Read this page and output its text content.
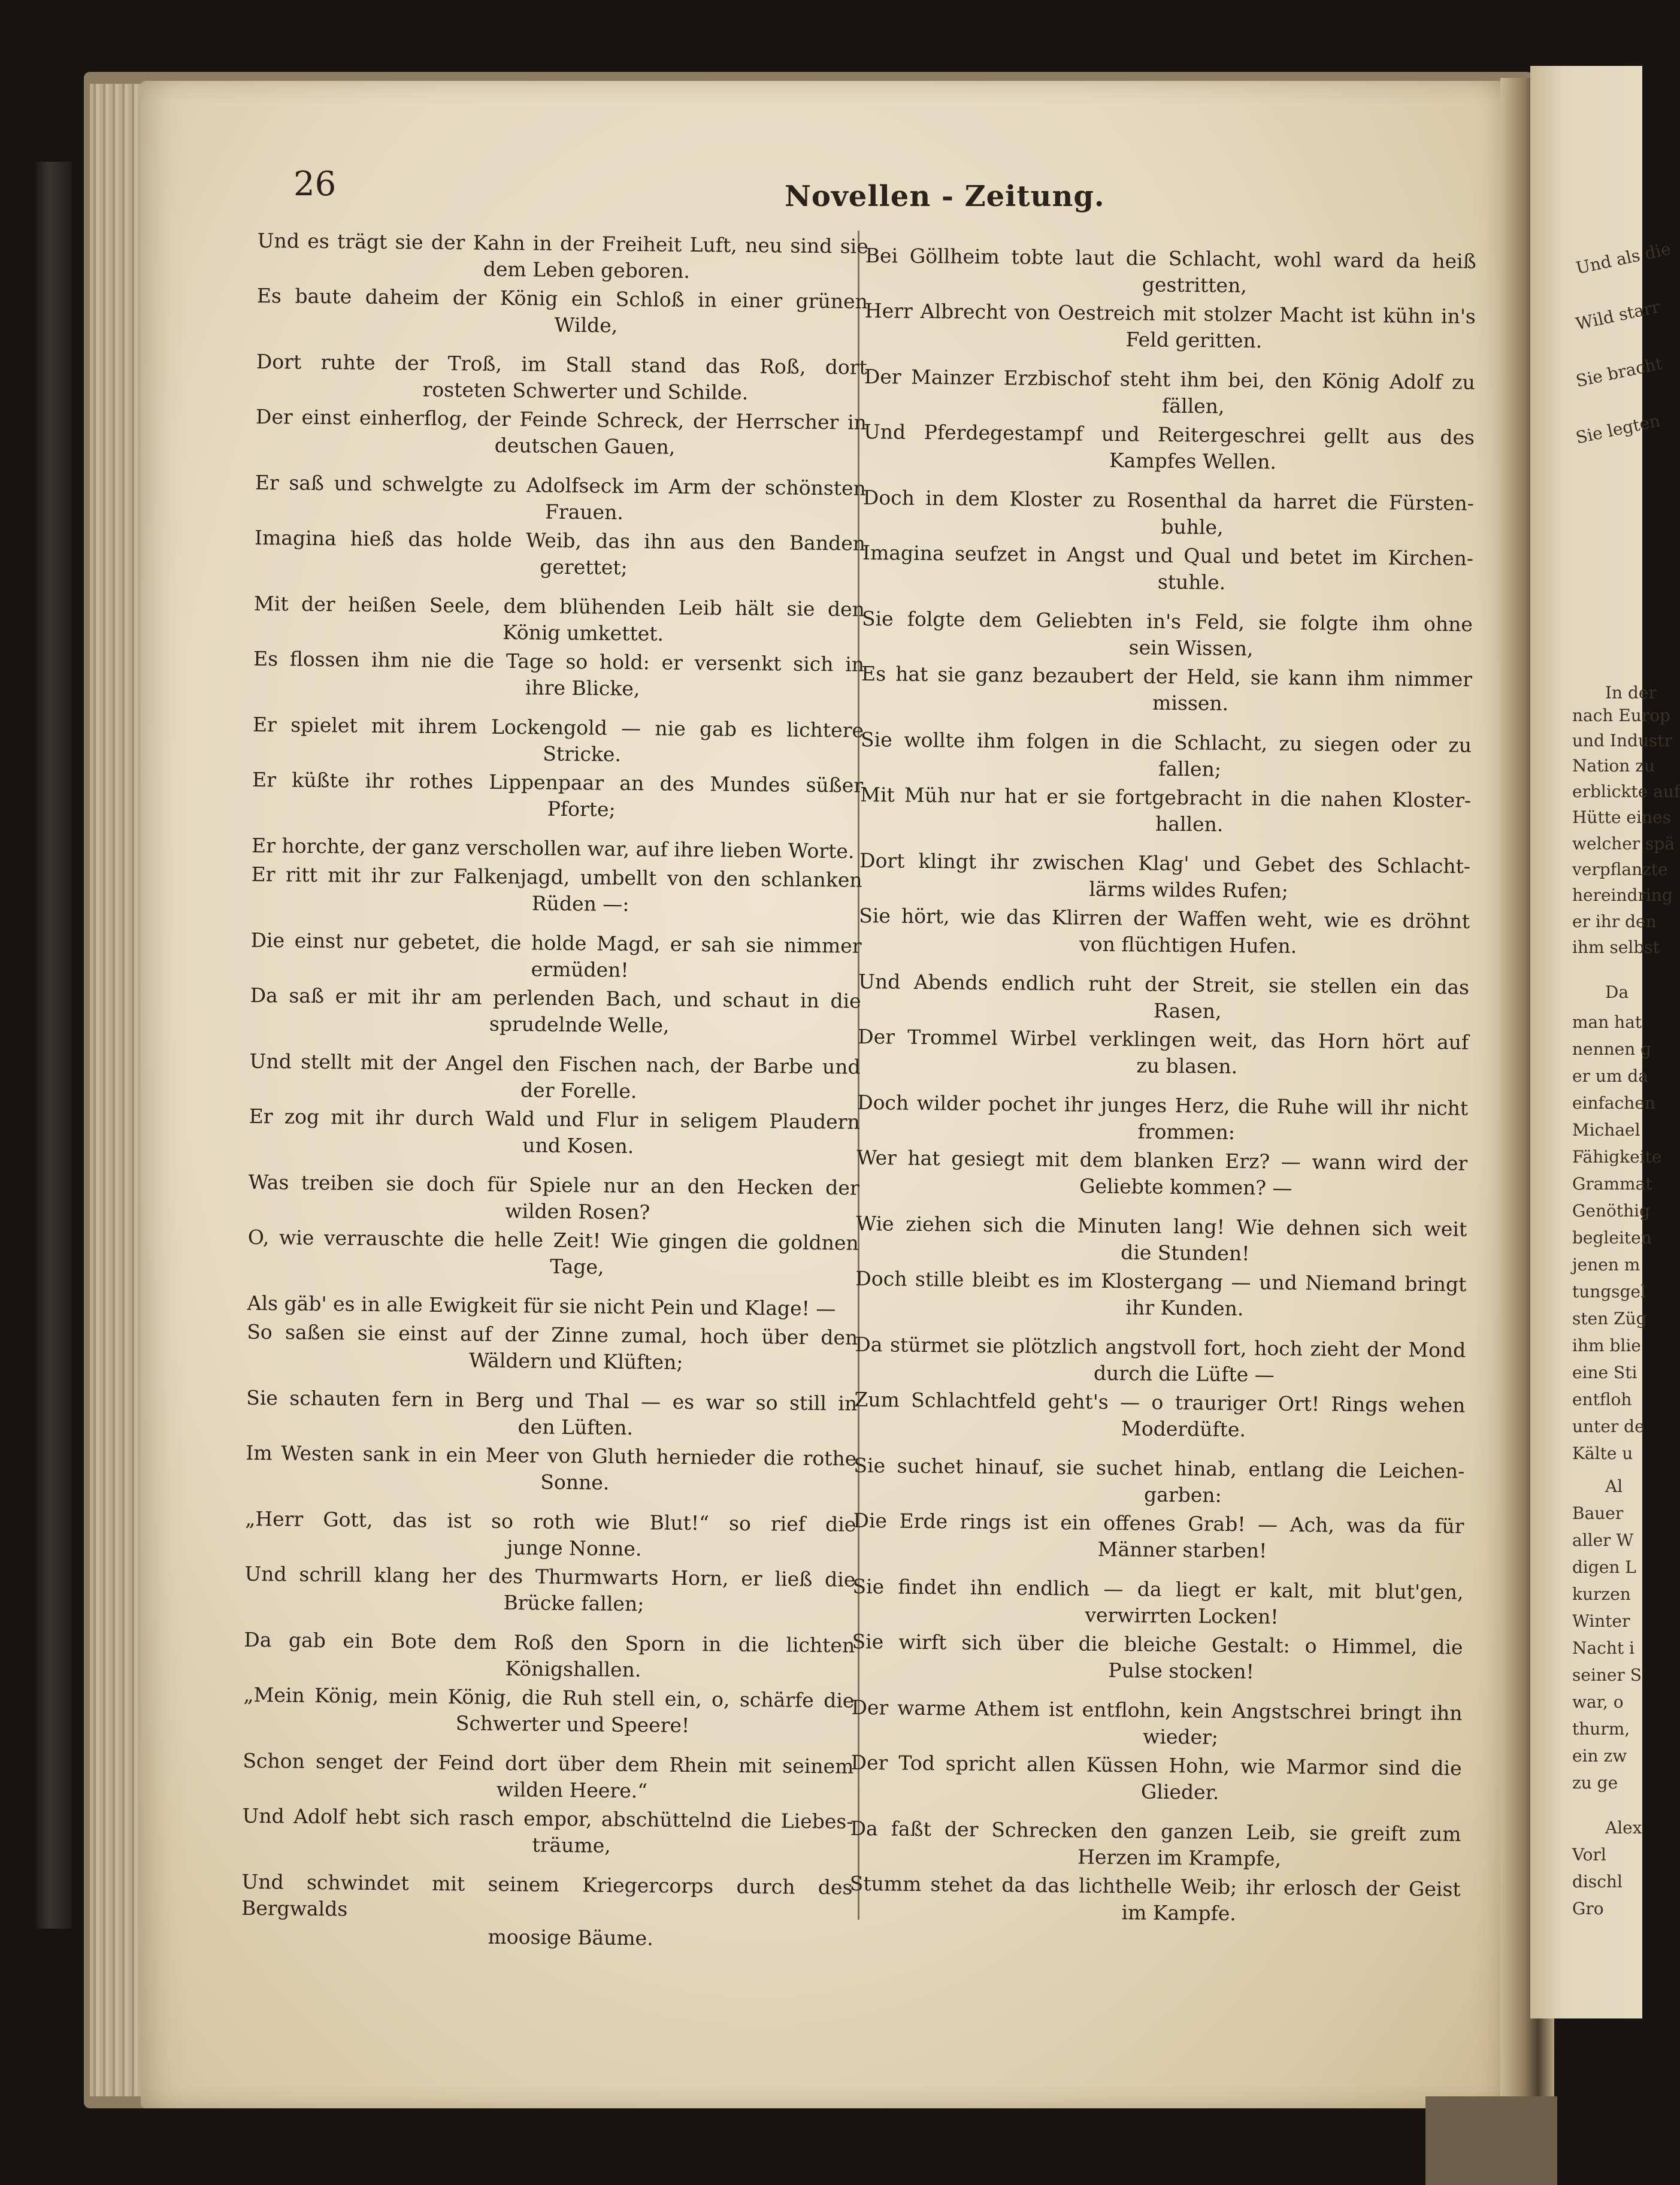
26	Novellen - Zeitung.
Und es trägt sie der Kahn in der Freiheit Luft, neu sind sie
dem Leben geboren.
Es baute daheim der König ein Schloß in einer grünen
Wilde,
Dort ruhte der Troß, im Stall stand das Roß, dort
rosteten Schwerter und Schilde.
Der einst einherflog, der Feinde Schreck, der Herrscher in
deutschen Gauen,
Er saß und schwelgte zu Adolfseck im Arm der schönsten
Frauen.
Imagina hieß das holde Weib, das ihn aus den Banden
gerettet;
Mit der heißen Seele, dem blühenden Leib hält sie den
König umkettet.
Es flossen ihm nie die Tage so hold: er versenkt sich in
ihre Blicke,
Er spielet mit ihrem Lockengold — nie gab es lichtere
Stricke.
Er küßte ihr rothes Lippenpaar an des Mundes süßer
Pforte;
Er horchte, der ganz verschollen war, auf ihre lieben Worte.
Er ritt mit ihr zur Falkenjagd, umbellt von den schlanken
Rüden —:
Die einst nur gebetet, die holde Magd, er sah sie nimmer
ermüden!
Da saß er mit ihr am perlenden Bach, und schaut in die
sprudelnde Welle,
Und stellt mit der Angel den Fischen nach, der Barbe und
der Forelle.
Er zog mit ihr durch Wald und Flur in seligem Plaudern
und Kosen.
Was treiben sie doch für Spiele nur an den Hecken der
wilden Rosen?
O, wie verrauschte die helle Zeit! Wie gingen die goldnen
Tage,
Als gäb' es in alle Ewigkeit für sie nicht Pein und Klage! —
So saßen sie einst auf der Zinne zumal, hoch über den
Wäldern und Klüften;
Sie schauten fern in Berg und Thal — es war so still in
den Lüften.
Im Westen sank in ein Meer von Gluth hernieder die rothe
Sonne.
„Herr Gott, das ist so roth wie Blut!“ so rief die
junge Nonne.
Und schrill klang her des Thurmwarts Horn, er ließ die
Brücke fallen;
Da gab ein Bote dem Roß den Sporn in die lichten
Königshallen.
„Mein König, mein König, die Ruh stell ein, o, schärfe die
Schwerter und Speere!
Schon senget der Feind dort über dem Rhein mit seinem
wilden Heere.“
Und Adolf hebt sich rasch empor, abschüttelnd die Liebes-
träume,
Und schwindet mit seinem Kriegercorps durch des Bergwalds
moosige Bäume.
Bei Göllheim tobte laut die Schlacht, wohl ward da heiß
gestritten,
Herr Albrecht von Oestreich mit stolzer Macht ist kühn in's
Feld geritten.
Der Mainzer Erzbischof steht ihm bei, den König Adolf zu
fällen,
Und Pferdegestampf und Reitergeschrei gellt aus des
Kampfes Wellen.
Doch in dem Kloster zu Rosenthal da harret die Fürsten-
buhle,
Imagina seufzet in Angst und Qual und betet im Kirchen-
stuhle.
Sie folgte dem Geliebten in's Feld, sie folgte ihm ohne
sein Wissen,
Es hat sie ganz bezaubert der Held, sie kann ihm nimmer
missen.
Sie wollte ihm folgen in die Schlacht, zu siegen oder zu
fallen;
Mit Müh nur hat er sie fortgebracht in die nahen Kloster-
hallen.
Dort klingt ihr zwischen Klag' und Gebet des Schlacht-
lärms wildes Rufen;
Sie hört, wie das Klirren der Waffen weht, wie es dröhnt
von flüchtigen Hufen.
Und Abends endlich ruht der Streit, sie stellen ein das
Rasen,
Der Trommel Wirbel verklingen weit, das Horn hört auf
zu blasen.
Doch wilder pochet ihr junges Herz, die Ruhe will ihr nicht
frommen:
Wer hat gesiegt mit dem blanken Erz? — wann wird der
Geliebte kommen? —
Wie ziehen sich die Minuten lang! Wie dehnen sich weit
die Stunden!
Doch stille bleibt es im Klostergang — und Niemand bringt
ihr Kunden.
Da stürmet sie plötzlich angstvoll fort, hoch zieht der Mond
durch die Lüfte —
Zum Schlachtfeld geht's — o trauriger Ort! Rings wehen
Moderdüfte.
Sie suchet hinauf, sie suchet hinab, entlang die Leichen-
garben:
Die Erde rings ist ein offenes Grab! — Ach, was da für
Männer starben!
Sie findet ihn endlich — da liegt er kalt, mit blut'gen,
verwirrten Locken!
Sie wirft sich über die bleiche Gestalt: o Himmel, die
Pulse stocken!
Der warme Athem ist entflohn, kein Angstschrei bringt ihn
wieder;
Der Tod spricht allen Küssen Hohn, wie Marmor sind die
Glieder.
Da faßt der Schrecken den ganzen Leib, sie greift zum
Herzen im Krampfe,
Stumm stehet da das lichthelle Weib; ihr erlosch der Geist
im Kampfe.
Und als die
Wild starr
Sie bracht
Sie legten
In der
nach Europ
und Industr
Nation zu
erblickte auf
Hütte eines
welcher spä
verpflanzte
hereindring
er ihr den
ihm selbst
Da
man hat
nennen g
er um da
einfachen
Michael
Fähigkeite
Grammat
Genöthig
begleiten
jenen m
tungsgel
sten Züg
ihm blie
eine Sti
entfloh
unter de
Kälte u
Al
Bauer
aller W
digen L
kurzen
Winter
Nacht i
seiner S
war, o
thurm,
ein zw
zu ge
Alex
Vorl
dischl
Gro
